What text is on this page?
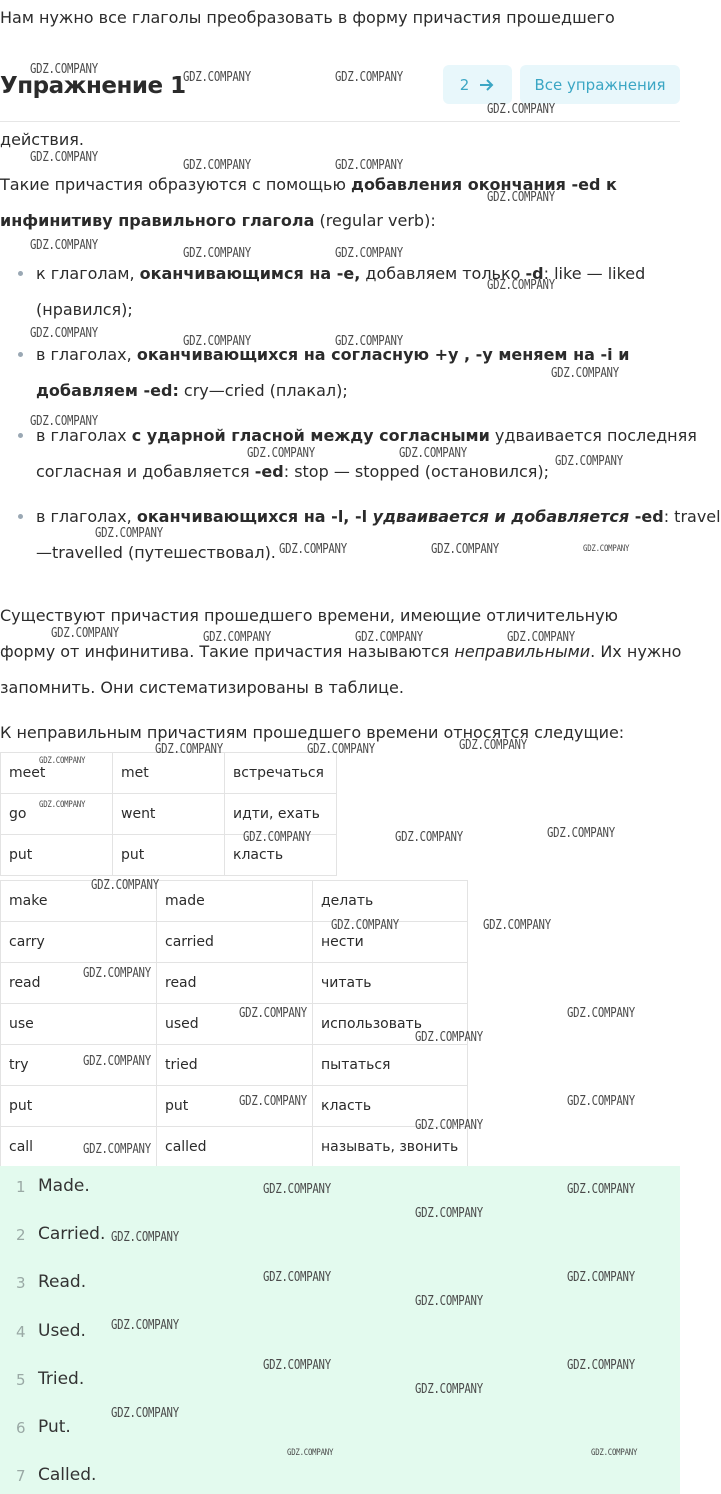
Нам нужно все глаголы преобразовать в форму причастия прошедшего
Упражнение 1	2	Все упражнения
действия.
Такие причастия образуются с помощью добавления окончания -ed к
инфинитиву правильного глагола (regular verb):
к глаголам, оканчивающимся на -е, добавляем только -d: like — liked
(нравился);
в глаголах, оканчивающихся на согласную +у , -у меняем на -i и
добавляем -ed: cry—cried (плакал);
в глаголах с ударной гласной между согласными удваивается последняя
согласная и добавляется -ed: stop — stopped (остановился);
в глаголах, оканчивающихся на -l, -l удваивается и добавляется -ed: travel
—travelled (путешествовал).
Существуют причастия прошедшего времени, имеющие отличительную
форму от инфинитива. Такие причастия называются неправильными. Их нужно
запомнить. Они систематизированы в таблице.
К неправильным причастиям прошедшего времени относятся следущие:
meet	met	встречаться
go	went	идти, ехать
put	put	класть
make	made	делать
carry	carried	нести
read	read	читать
use	used	использовать
try	tried	пытаться
put	put	класть
call	called	называть, звонить
1 Made.
2 Carried.
3 Read.
4 Used.
5 Tried.
6 Put.
7 Called.
GDZ.COMPANY
GDZ.COMPANY	GDZ.COMPANY
GDZ.COMPANY
GDZ.COMPANY
GDZ.COMPANY	GDZ.COMPANY
GDZ.COMPANY
GDZ.COMPANY
GDZ.COMPANY	GDZ.COMPANY
GDZ.COMPANY
GDZ.COMPANY
GDZ.COMPANY	GDZ.COMPANY
GDZ.COMPANY
GDZ.COMPANY
GDZ.COMPANY	GDZ.COMPANY
GDZ.COMPANY
GDZ.COMPANY
GDZ.COMPANY	GDZ.COMPANY
GDZ.COMPANY	GDZ.COMPANY	GDZ.COMPANY	GDZ.COMPANY
GDZ.COMPANY	GDZ.COMPANY	GDZ.COMPANY
GDZ.COMPANY	GDZ.COMPANY	GDZ.COMPANY
GDZ.COMPANY
GDZ.COMPANY	GDZ.COMPANY
GDZ.COMPANY
GDZ.COMPANY
GDZ.COMPANY
GDZ.COMPANY
GDZ.COMPANY
GDZ.COMPANY
GDZ.COMPANY
GDZ.COMPANY
GDZ.COMPANY
GDZ.COMPANY
GDZ.COMPANY
GDZ.COMPANY
GDZ.COMPANY
GDZ.COMPANY
GDZ.COMPANY
GDZ.COMPANY
GDZ.COMPANY
GDZ.COMPANY
GDZ.COMPANY
GDZ.COMPANY
GDZ.COMPANY
GDZ.COMPANY
GDZ.COMPANY
GDZ.COMPANY
GDZ.COMPANY	GDZ.COMPANY
